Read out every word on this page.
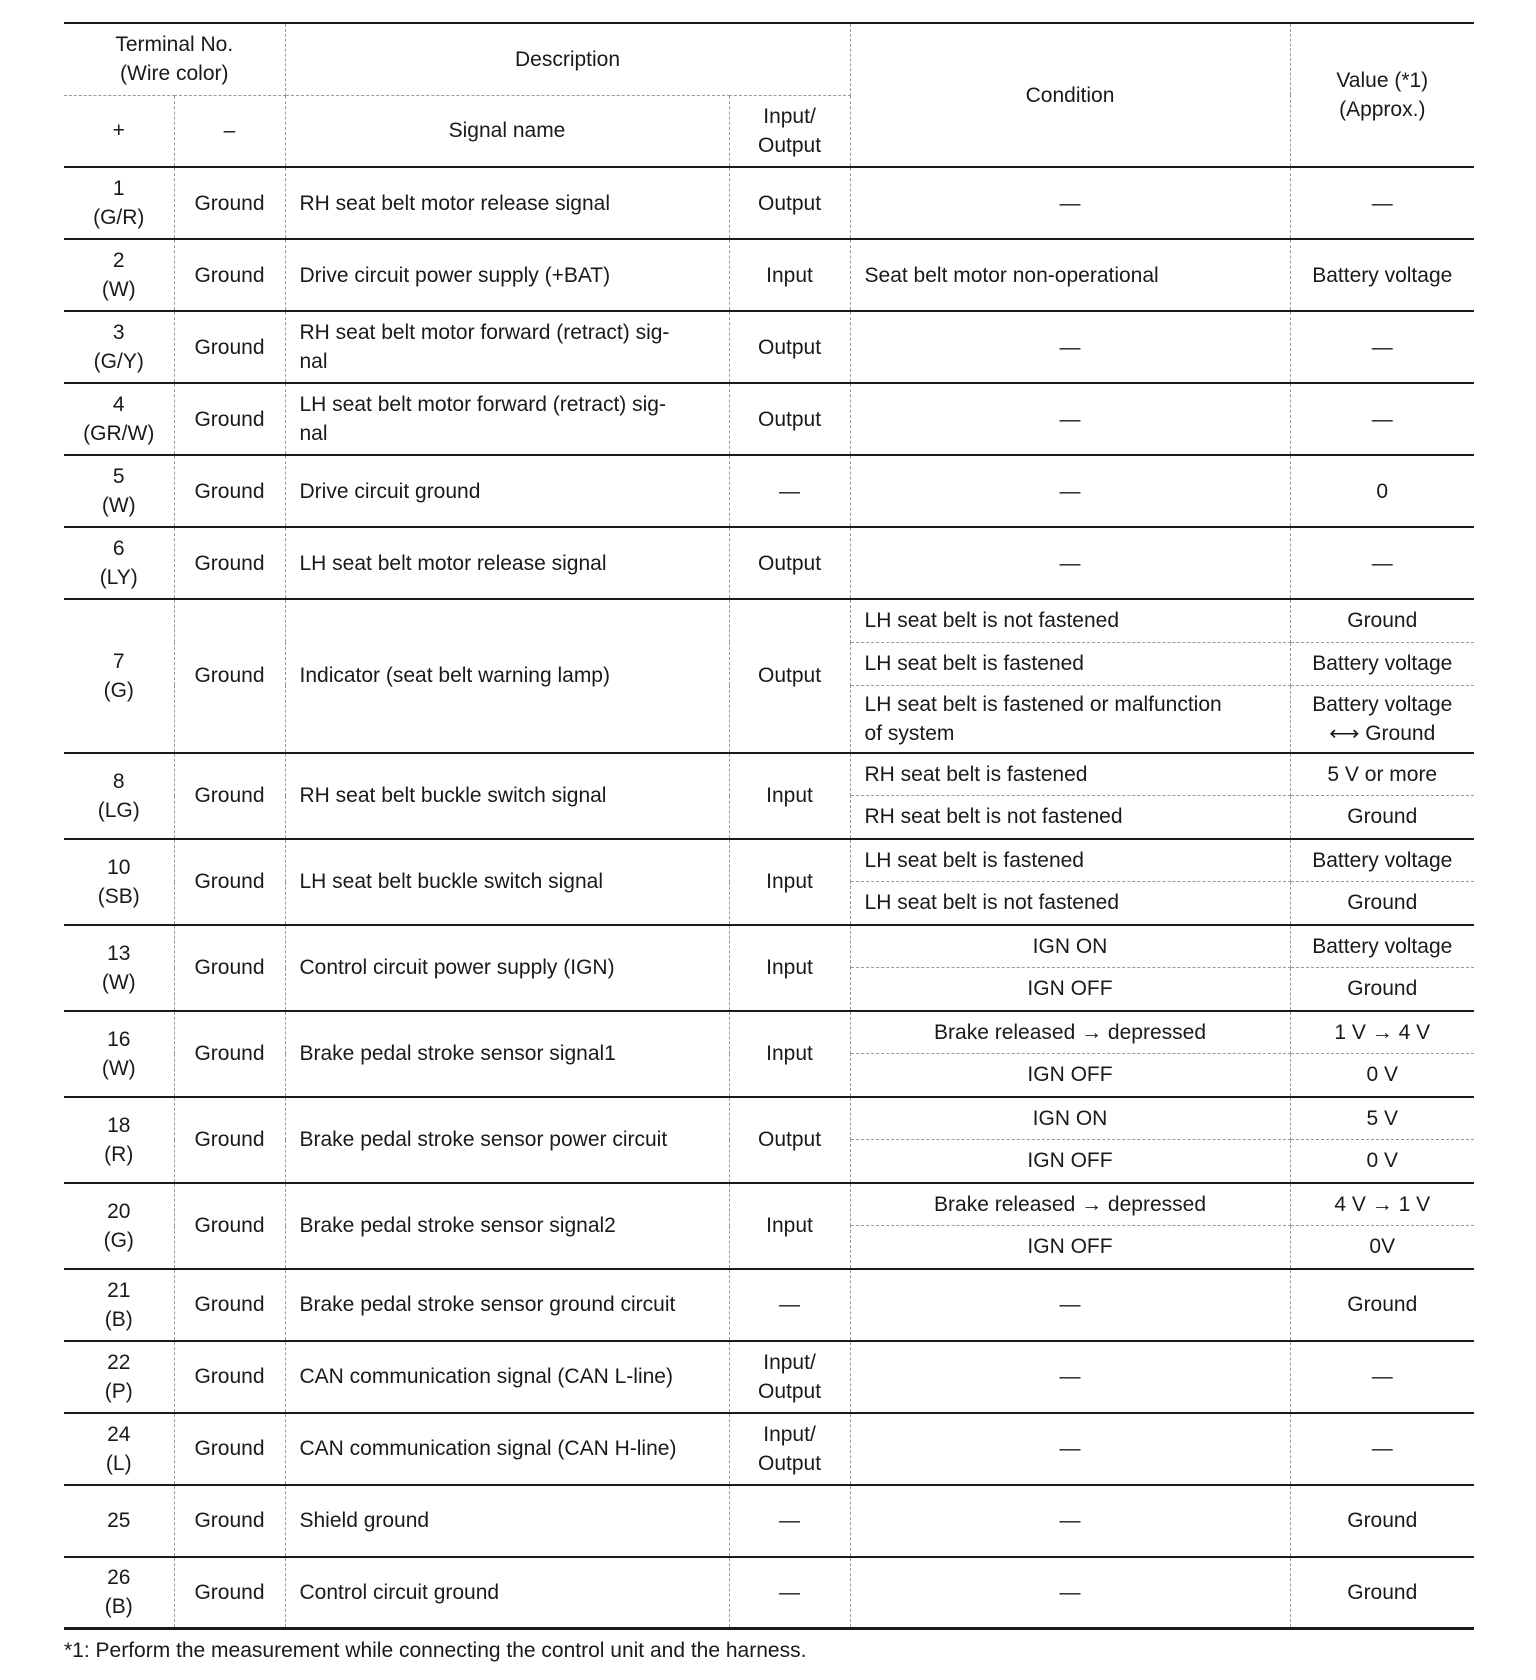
Terminal No.
(Wire color)		Description		Condition	Value (*1)
(Approx.)
+	–	Signal name	Input/
Output		
1
(G/R)	Ground	RH seat belt motor release signal	Output	—	—
2
(W)	Ground	Drive circuit power supply (+BAT)	Input	Seat belt motor non-operational	Battery voltage
3
(G/Y)	Ground	RH seat belt motor forward (retract) sig-
nal	Output	—	—
4
(GR/W)	Ground	LH seat belt motor forward (retract) sig-
nal	Output	—	—
5
(W)	Ground	Drive circuit ground	—	—	0
6
(LY)	Ground	LH seat belt motor release signal	Output	—	—
7
(G)	Ground	Indicator (seat belt warning lamp)	Output	LH seat belt is not fastened	Ground
				LH seat belt is fastened	Battery voltage
				LH seat belt is fastened or malfunction
of system	Battery voltage
⟷ Ground
8
(LG)	Ground	RH seat belt buckle switch signal	Input	RH seat belt is fastened	5 V or more
				RH seat belt is not fastened	Ground
10
(SB)	Ground	LH seat belt buckle switch signal	Input	LH seat belt is fastened	Battery voltage
				LH seat belt is not fastened	Ground
13
(W)	Ground	Control circuit power supply (IGN)	Input	IGN ON	Battery voltage
				IGN OFF	Ground
16
(W)	Ground	Brake pedal stroke sensor signal1	Input	Brake released → depressed	1 V → 4 V
				IGN OFF	0 V
18
(R)	Ground	Brake pedal stroke sensor power circuit	Output	IGN ON	5 V
				IGN OFF	0 V
20
(G)	Ground	Brake pedal stroke sensor signal2	Input	Brake released → depressed	4 V → 1 V
				IGN OFF	0V
21
(B)	Ground	Brake pedal stroke sensor ground circuit	—	—	Ground
22
(P)	Ground	CAN communication signal (CAN L-line)	Input/
Output	—	—
24
(L)	Ground	CAN communication signal (CAN H-line)	Input/
Output	—	—
25	Ground	Shield ground	—	—	Ground
26
(B)	Ground	Control circuit ground	—	—	Ground
*1: Perform the measurement while connecting the control unit and the harness.
